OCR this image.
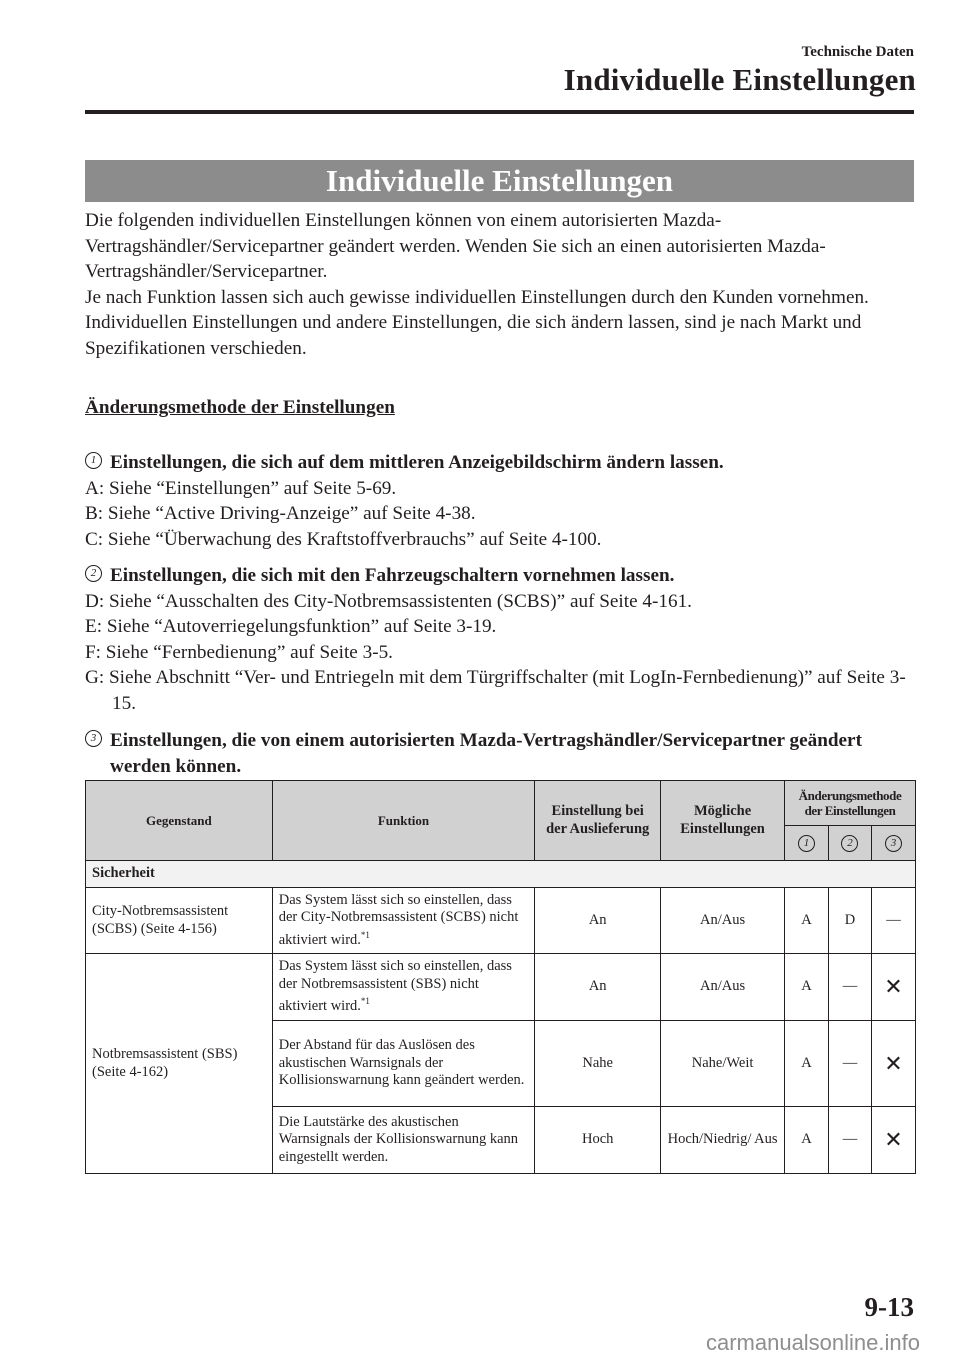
Technische Daten
Individuelle Einstellungen
Individuelle Einstellungen

Die folgenden individuellen Einstellungen können von einem autorisierten Mazda-Vertragshändler/Servicepartner geändert werden. Wenden Sie sich an einen autorisierten Mazda-Vertragshändler/Servicepartner.

Je nach Funktion lassen sich auch gewisse individuellen Einstellungen durch den Kunden vornehmen.

Individuellen Einstellungen und andere Einstellungen, die sich ändern lassen, sind je nach Markt und Spezifikationen verschieden.

Änderungsmethode der Einstellungen
1 Einstellungen, die sich auf dem mittleren Anzeigebildschirm ändern lassen.

A: Siehe “Einstellungen” auf Seite 5-69.

B: Siehe “Active Driving-Anzeige” auf Seite 4-38.

C: Siehe “Überwachung des Kraftstoffverbrauchs” auf Seite 4-100.

2 Einstellungen, die sich mit den Fahrzeugschaltern vornehmen lassen.

D: Siehe “Ausschalten des City-Notbremsassistenten (SCBS)” auf Seite 4-161.

E: Siehe “Autoverriegelungsfunktion” auf Seite 3-19.

F: Siehe “Fernbedienung” auf Seite 3-5.

G: Siehe Abschnitt “Ver- und Entriegeln mit dem Türgriffschalter (mit LogIn-Fernbedienung)” auf Seite 3-15.

3 Einstellungen, die von einem autorisierten Mazda-Vertragshändler/Servicepartner geändert werden können.
Gegenstand	Funktion	Einstellung bei der Auslieferung	Mögliche Einstellungen	Änderungsmethode der Einstellungen		
				1	2	3
Sicherheit						
City-Notbremsassistent (SCBS) (Seite 4-156)	Das System lässt sich so einstellen, dass der City-Notbremsassistent (SCBS) nicht aktiviert wird.$^{*1}$	An	An/Aus	A	D	—
Notbremsassistent (SBS) (Seite 4-162)	Das System lässt sich so einstellen, dass der Notbremsassistent (SBS) nicht aktiviert wird.$^{*1}$	An	An/Aus	A	—	✕
	Der Abstand für das Auslösen des akustischen Warnsignals der Kollisionswarnung kann geändert werden.	Nahe	Nahe/Weit	A	—	✕
	Die Lautstärke des akustischen Warnsignals der Kollisionswarnung kann eingestellt werden.	Hoch	Hoch/Niedrig/ Aus	A	—	✕
9-13
carmanualsonline.info
